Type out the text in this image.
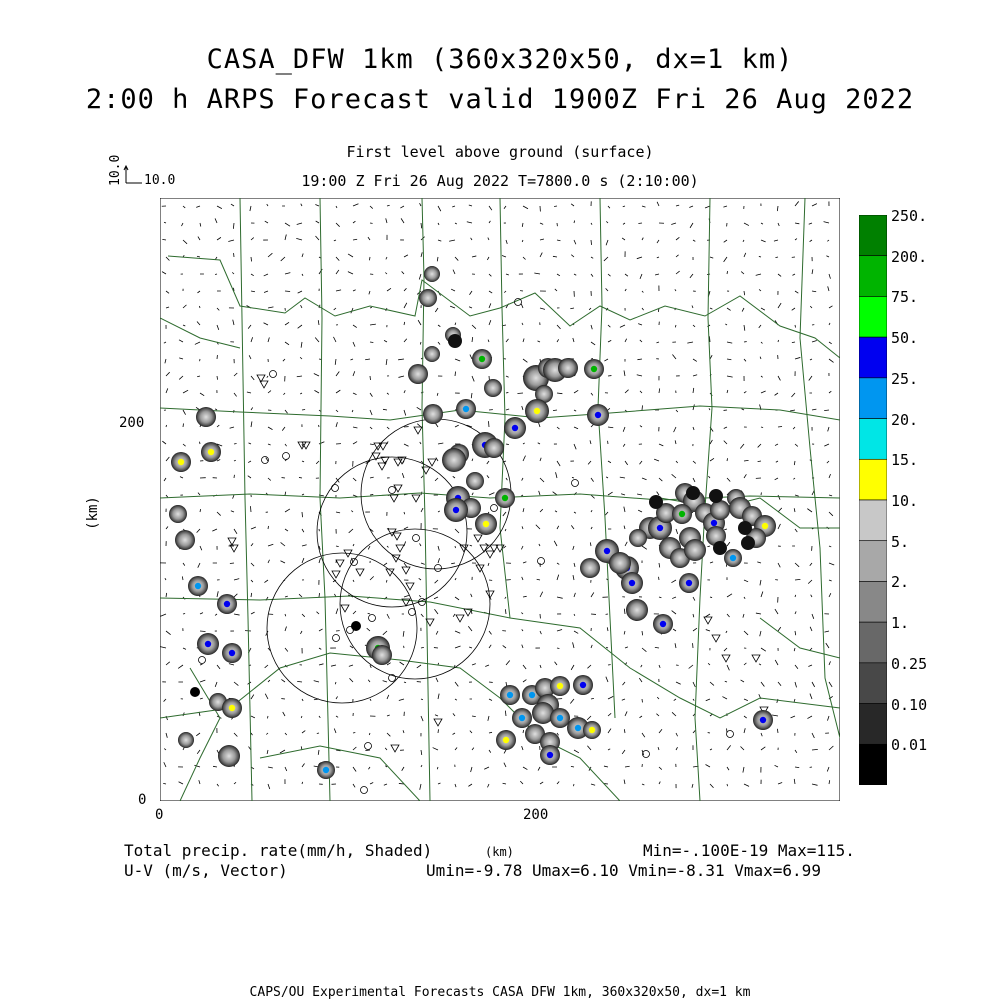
CASA_DFW 1km (360x320x50, dx=1 km)
2:00 h ARPS Forecast valid 1900Z Fri 26 Aug 2022
First level above ground (surface)
19:00 Z Fri 26 Aug 2022 T=7800.0 s (2:10:00)
10.0 10.0
(km)
200
0
0	200
(km)
250.
200.
75.
50.
25.
20.
15.
10.
5.
2.
1.
0.25
0.10
0.01
Total precip. rate(mm/h, Shaded)
U-V (m/s, Vector)
Min=-.100E-19 Max=115.
Umin=-9.78 Umax=6.10 Vmin=-8.31 Vmax=6.99
CAPS/OU Experimental Forecasts CASA DFW 1km, 360x320x50, dx=1 km
